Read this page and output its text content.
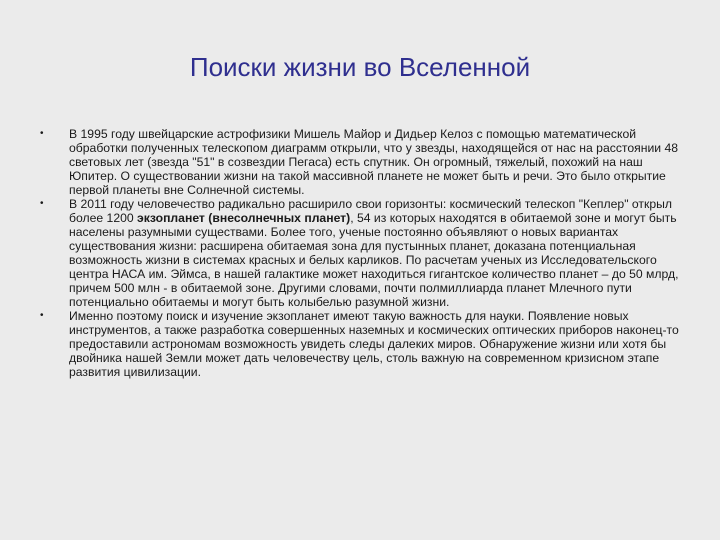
Поиски жизни во Вселенной
•	В 1995 году швейцарские астрофизики Мишель Майор и Дидьер Келоз с помощью математической обработки полученных телескопом диаграмм открыли, что у звезды, находящейся от нас на расстоянии 48 световых лет (звезда "51" в созвездии Пегаса) есть спутник. Он огромный, тяжелый, похожий на наш Юпитер. О существовании жизни на такой массивной планете не может быть и речи. Это было открытие первой планеты вне Солнечной системы.
•	В 2011 году человечество радикально расширило свои горизонты: космический телескоп "Кеплер" открыл более 1200 экзопланет (внесолнечных планет), 54 из которых находятся в обитаемой зоне и могут быть населены разумными существами. Более того, ученые постоянно объявляют о новых вариантах существования жизни: расширена обитаемая зона для пустынных планет, доказана потенциальная возможность жизни в системах красных и белых карликов. По расчетам ученых из Исследовательского центра НАСА им. Эймса, в нашей галактике может находиться гигантское количество планет – до 50 млрд, причем 500 млн - в обитаемой зоне. Другими словами, почти полмиллиарда планет Млечного пути потенциально обитаемы и могут быть колыбелью разумной жизни.
•	Именно поэтому поиск и изучение экзопланет имеют такую важность для науки. Появление новых инструментов, а также разработка совершенных наземных и космических оптических приборов наконец-то предоставили астрономам возможность увидеть следы далеких миров. Обнаружение жизни или хотя бы двойника нашей Земли может дать человечеству цель, столь важную на современном кризисном этапе развития цивилизации.
